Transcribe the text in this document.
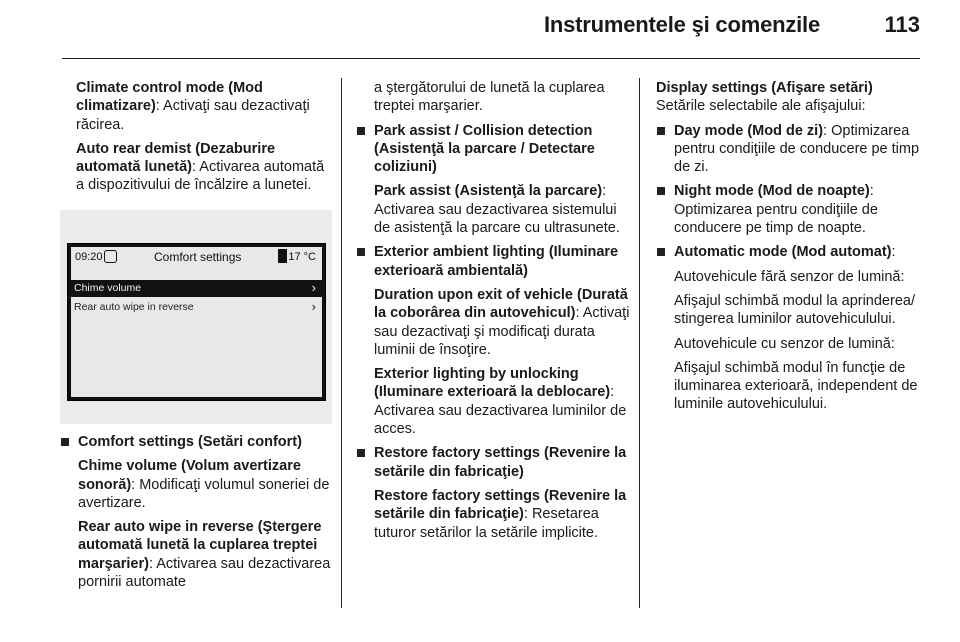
Instrumentele şi comenzile	113

Climate control mode (Mod climatizare): Activaţi sau dezactivaţi răcirea.

Auto rear demist (Dezaburire automată lunetă): Activarea automată a dispozitivului de încălzire a lunetei.

09:20	Comfort settings	17 °C
Chime volume	›
Rear auto wipe in reverse	›
Comfort settings (Setări confort)

Chime volume (Volum avertizare sonoră): Modificaţi volumul soneriei de avertizare.

Rear auto wipe in reverse (Ştergere automată lunetă la cuplarea treptei marşarier): Activarea sau dezactivarea pornirii automate

a ştergătorului de lunetă la cuplarea treptei marşarier.

Park assist / Collision detection (Asistenţă la parcare / Detectare coliziuni)

Park assist (Asistenţă la parcare): Activarea sau dezactivarea sistemului de asistenţă la parcare cu ultrasunete.

Exterior ambient lighting (Iluminare exterioară ambientală)

Duration upon exit of vehicle (Durată la coborârea din autovehicul): Activaţi sau dezactivaţi şi modificaţi durata luminii de însoţire.

Exterior lighting by unlocking (Iluminare exterioară la deblocare): Activarea sau dezactivarea luminilor de acces.

Restore factory settings (Revenire la setările din fabricaţie)

Restore factory settings (Revenire la setările din fabricaţie): Resetarea tuturor setărilor la setările implicite.

Display settings (Afişare setări)
Setările selectabile ale afişajului:

Day mode (Mod de zi): Optimizarea pentru condiţiile de conducere pe timp de zi.
Night mode (Mod de noapte): Optimizarea pentru condiţiile de conducere pe timp de noapte.
Automatic mode (Mod automat):

Autovehicule fără senzor de lumină:

Afişajul schimbă modul la aprinderea/ stingerea luminilor autovehiculului.

Autovehicule cu senzor de lumină:

Afişajul schimbă modul în funcţie de iluminarea exterioară, independent de luminile autovehiculului.
